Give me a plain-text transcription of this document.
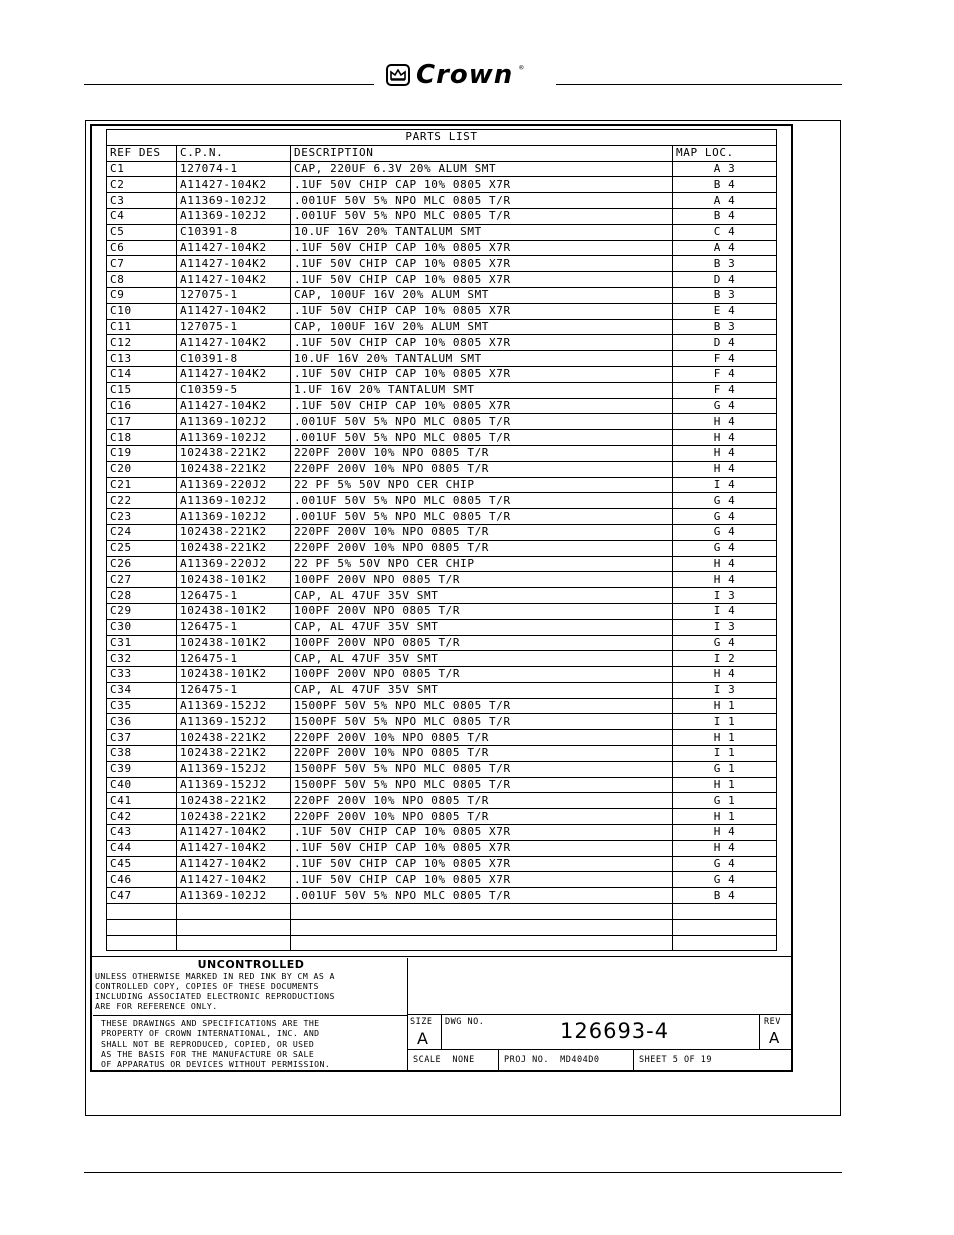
Crown ®
PARTS LIST			
REF DES	C.P.N.	DESCRIPTION	MAP LOC.
C1	127074-1	CAP, 220UF 6.3V 20% ALUM SMT	A 3
C2	A11427-104K2	.1UF 50V CHIP CAP 10% 0805 X7R	B 4
C3	A11369-102J2	.001UF 50V 5% NPO MLC 0805 T/R	A 4
C4	A11369-102J2	.001UF 50V 5% NPO MLC 0805 T/R	B 4
C5	C10391-8	10.UF 16V 20% TANTALUM SMT	C 4
C6	A11427-104K2	.1UF 50V CHIP CAP 10% 0805 X7R	A 4
C7	A11427-104K2	.1UF 50V CHIP CAP 10% 0805 X7R	B 3
C8	A11427-104K2	.1UF 50V CHIP CAP 10% 0805 X7R	D 4
C9	127075-1	CAP, 100UF 16V 20% ALUM SMT	B 3
C10	A11427-104K2	.1UF 50V CHIP CAP 10% 0805 X7R	E 4
C11	127075-1	CAP, 100UF 16V 20% ALUM SMT	B 3
C12	A11427-104K2	.1UF 50V CHIP CAP 10% 0805 X7R	D 4
C13	C10391-8	10.UF 16V 20% TANTALUM SMT	F 4
C14	A11427-104K2	.1UF 50V CHIP CAP 10% 0805 X7R	F 4
C15	C10359-5	1.UF 16V 20% TANTALUM SMT	F 4
C16	A11427-104K2	.1UF 50V CHIP CAP 10% 0805 X7R	G 4
C17	A11369-102J2	.001UF 50V 5% NPO MLC 0805 T/R	H 4
C18	A11369-102J2	.001UF 50V 5% NPO MLC 0805 T/R	H 4
C19	102438-221K2	220PF 200V 10% NPO 0805 T/R	H 4
C20	102438-221K2	220PF 200V 10% NPO 0805 T/R	H 4
C21	A11369-220J2	22 PF 5% 50V NPO CER CHIP	I 4
C22	A11369-102J2	.001UF 50V 5% NPO MLC 0805 T/R	G 4
C23	A11369-102J2	.001UF 50V 5% NPO MLC 0805 T/R	G 4
C24	102438-221K2	220PF 200V 10% NPO 0805 T/R	G 4
C25	102438-221K2	220PF 200V 10% NPO 0805 T/R	G 4
C26	A11369-220J2	22 PF 5% 50V NPO CER CHIP	H 4
C27	102438-101K2	100PF 200V NPO 0805 T/R	H 4
C28	126475-1	CAP, AL 47UF 35V SMT	I 3
C29	102438-101K2	100PF 200V NPO 0805 T/R	I 4
C30	126475-1	CAP, AL 47UF 35V SMT	I 3
C31	102438-101K2	100PF 200V NPO 0805 T/R	G 4
C32	126475-1	CAP, AL 47UF 35V SMT	I 2
C33	102438-101K2	100PF 200V NPO 0805 T/R	H 4
C34	126475-1	CAP, AL 47UF 35V SMT	I 3
C35	A11369-152J2	1500PF 50V 5% NPO MLC 0805 T/R	H 1
C36	A11369-152J2	1500PF 50V 5% NPO MLC 0805 T/R	I 1
C37	102438-221K2	220PF 200V 10% NPO 0805 T/R	H 1
C38	102438-221K2	220PF 200V 10% NPO 0805 T/R	I 1
C39	A11369-152J2	1500PF 50V 5% NPO MLC 0805 T/R	G 1
C40	A11369-152J2	1500PF 50V 5% NPO MLC 0805 T/R	H 1
C41	102438-221K2	220PF 200V 10% NPO 0805 T/R	G 1
C42	102438-221K2	220PF 200V 10% NPO 0805 T/R	H 1
C43	A11427-104K2	.1UF 50V CHIP CAP 10% 0805 X7R	H 4
C44	A11427-104K2	.1UF 50V CHIP CAP 10% 0805 X7R	H 4
C45	A11427-104K2	.1UF 50V CHIP CAP 10% 0805 X7R	G 4
C46	A11427-104K2	.1UF 50V CHIP CAP 10% 0805 X7R	G 4
C47	A11369-102J2	.001UF 50V 5% NPO MLC 0805 T/R	B 4

UNCONTROLLED
UNLESS OTHERWISE MARKED IN RED INK BY CM AS A
CONTROLLED COPY, COPIES OF THESE DOCUMENTS
INCLUDING ASSOCIATED ELECTRONIC REPRODUCTIONS
ARE FOR REFERENCE ONLY.
THESE DRAWINGS AND SPECIFICATIONS ARE THE
PROPERTY OF CROWN INTERNATIONAL, INC. AND
SHALL NOT BE REPRODUCED, COPIED, OR USED
AS THE BASIS FOR THE MANUFACTURE OR SALE
OF APPARATUS OR DEVICES WITHOUT PERMISSION.
SIZE
A
DWG NO.	126693-4	REV
A
SCALE  NONE	PROJ NO.  MD404D0	SHEET 5 OF 19
